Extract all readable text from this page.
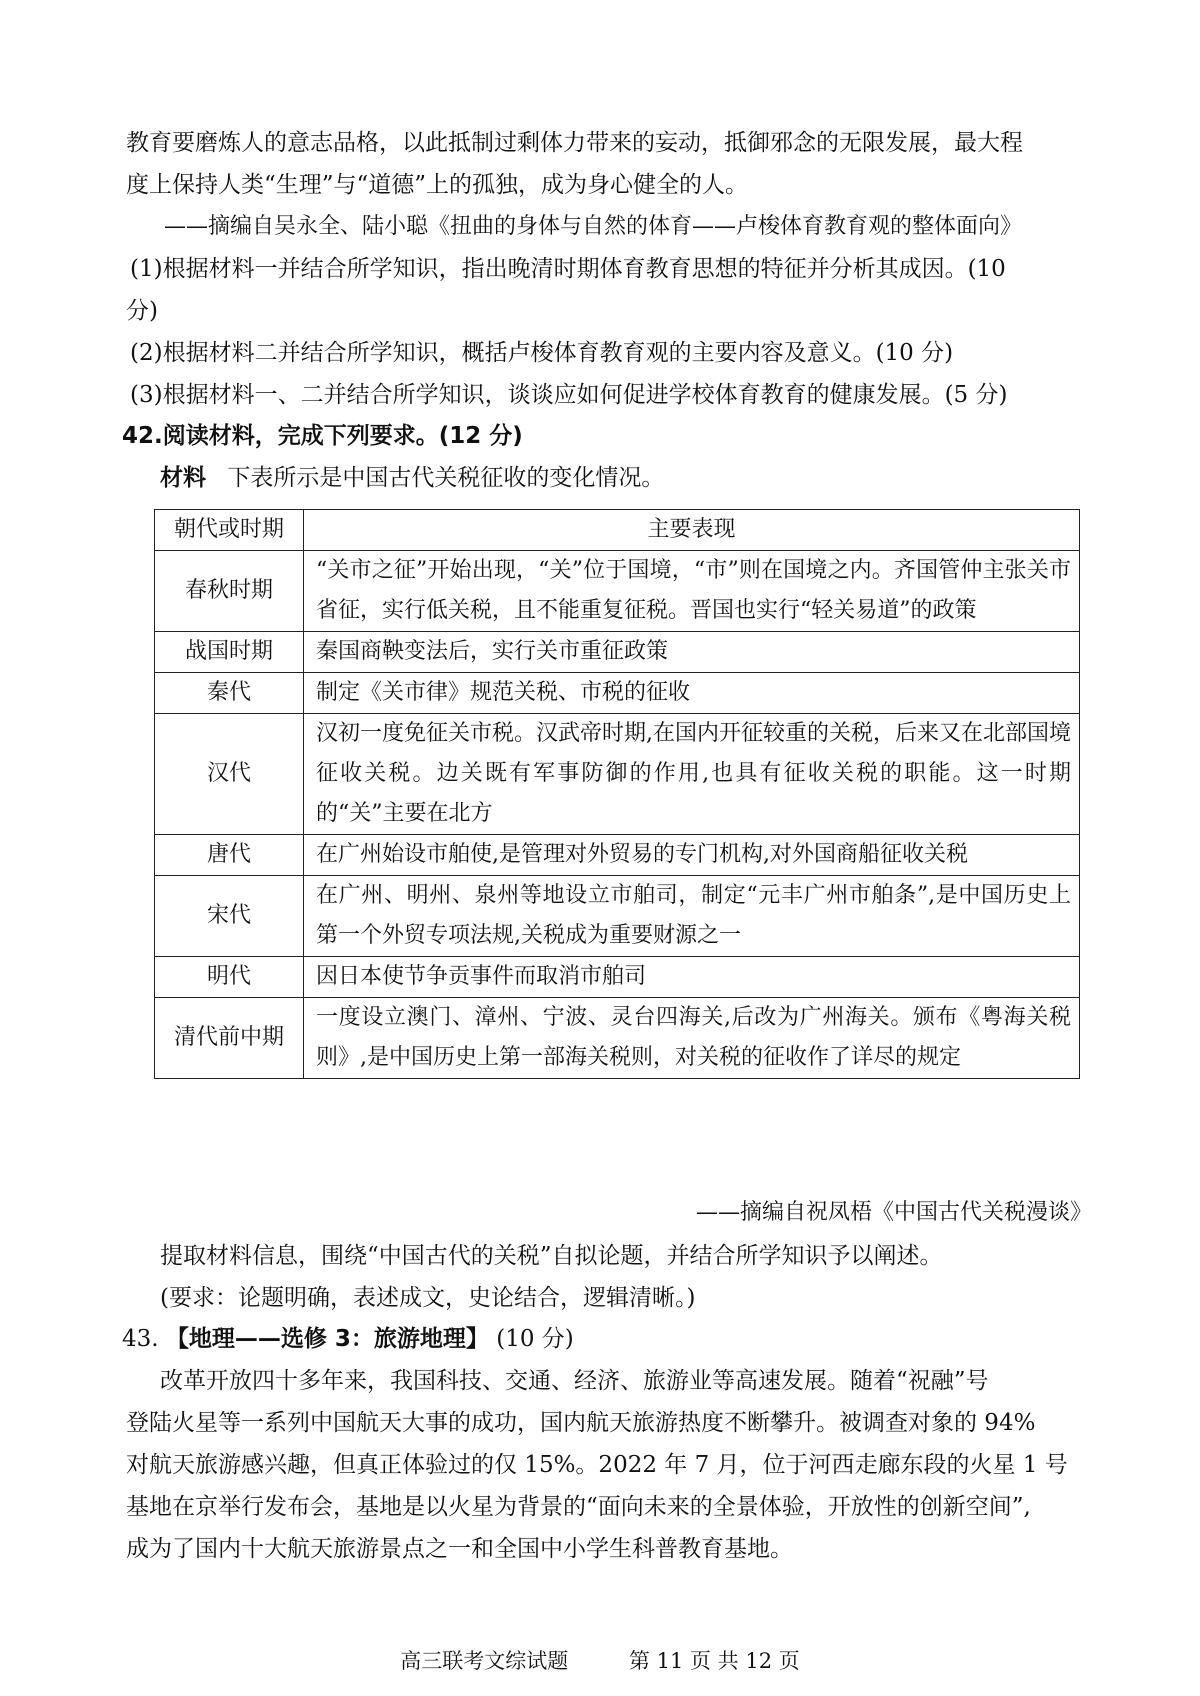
教育要磨炼人的意志品格，以此抵制过剩体力带来的妄动，抵御邪念的无限发展，最大程
度上保持人类“生理”与“道德”上的孤独，成为身心健全的人。
——摘编自吴永全、陆小聪《扭曲的身体与自然的体育——卢梭体育教育观的整体面向》
(1)根据材料一并结合所学知识，指出晚清时期体育教育思想的特征并分析其成因。(10
分)
(2)根据材料二并结合所学知识，概括卢梭体育教育观的主要内容及意义。(10 分)
(3)根据材料一、二并结合所学知识，谈谈应如何促进学校体育教育的健康发展。(5 分)
42.阅读材料，完成下列要求。(12 分)
材料 下表所示是中国古代关税征收的变化情况。
朝代或时期	主要表现
春秋时期	“关市之征”开始出现，“关”位于国境，“市”则在国境之内。齐国管仲主张关市省征，实行低关税，且不能重复征税。晋国也实行“轻关易道”的政策
战国时期	秦国商鞅变法后，实行关市重征政策
秦代	制定《关市律》规范关税、市税的征收
汉代	汉初一度免征关市税。汉武帝时期,在国内开征较重的关税，后来又在北部国境征收关税。边关既有军事防御的作用,也具有征收关税的职能。这一时期的“关”主要在北方
唐代	在广州始设市舶使,是管理对外贸易的专门机构,对外国商船征收关税
宋代	在广州、明州、泉州等地设立市舶司，制定“元丰广州市舶条”,是中国历史上第一个外贸专项法规,关税成为重要财源之一
明代	因日本使节争贡事件而取消市舶司
清代前中期	一度设立澳门、漳州、宁波、灵台四海关,后改为广州海关。颁布《粤海关税则》,是中国历史上第一部海关税则，对关税的征收作了详尽的规定
——摘编自祝凤梧《中国古代关税漫谈》
提取材料信息，围绕“中国古代的关税”自拟论题，并结合所学知识予以阐述。
(要求：论题明确，表述成文，史论结合，逻辑清晰。)
43. 【地理——选修 3：旅游地理】 (10 分)
改革开放四十多年来，我国科技、交通、经济、旅游业等高速发展。随着“祝融”号
登陆火星等一系列中国航天大事的成功，国内航天旅游热度不断攀升。被调查对象的 94%
对航天旅游感兴趣，但真正体验过的仅 15%。2022 年 7 月，位于河西走廊东段的火星 1 号
基地在京举行发布会，基地是以火星为背景的“面向未来的全景体验，开放性的创新空间”,
成为了国内十大航天旅游景点之一和全国中小学生科普教育基地。
高三联考文综试题	第 11 页 共 12 页
